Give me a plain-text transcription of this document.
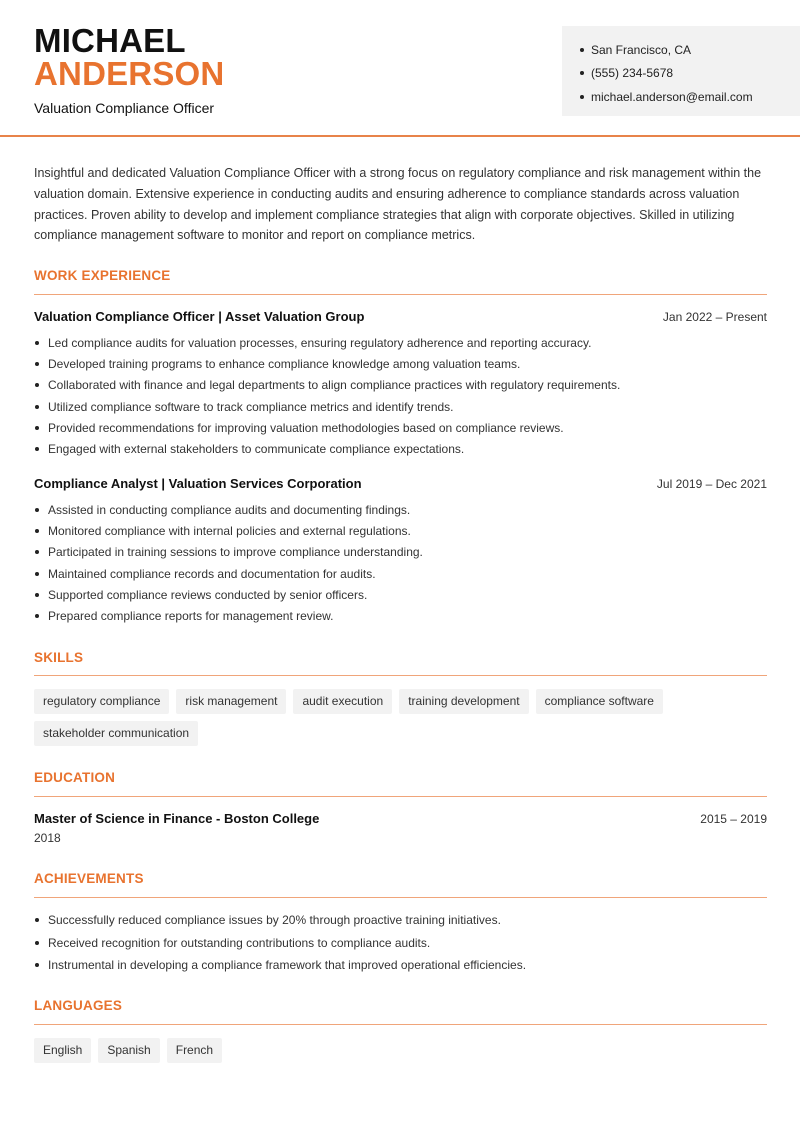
MICHAEL
ANDERSON
Valuation Compliance Officer
San Francisco, CA
(555) 234-5678
michael.anderson@email.com

Insightful and dedicated Valuation Compliance Officer with a strong focus on regulatory compliance and risk management within the valuation domain. Extensive experience in conducting audits and ensuring adherence to compliance standards across valuation practices. Proven ability to develop and implement compliance strategies that align with corporate objectives. Skilled in utilizing compliance management software to monitor and report on compliance metrics.

WORK EXPERIENCE
Valuation Compliance Officer | Asset Valuation Group	Jan 2022 – Present
Led compliance audits for valuation processes, ensuring regulatory adherence and reporting accuracy.
Developed training programs to enhance compliance knowledge among valuation teams.
Collaborated with finance and legal departments to align compliance practices with regulatory requirements.
Utilized compliance software to track compliance metrics and identify trends.
Provided recommendations for improving valuation methodologies based on compliance reviews.
Engaged with external stakeholders to communicate compliance expectations.
Compliance Analyst | Valuation Services Corporation	Jul 2019 – Dec 2021
Assisted in conducting compliance audits and documenting findings.
Monitored compliance with internal policies and external regulations.
Participated in training sessions to improve compliance understanding.
Maintained compliance records and documentation for audits.
Supported compliance reviews conducted by senior officers.
Prepared compliance reports for management review.
SKILLS
regulatory compliance	risk management	audit execution	training development	compliance software
stakeholder communication
EDUCATION
Master of Science in Finance - Boston College	2015 – 2019
2018
ACHIEVEMENTS
Successfully reduced compliance issues by 20% through proactive training initiatives.
Received recognition for outstanding contributions to compliance audits.
Instrumental in developing a compliance framework that improved operational efficiencies.
LANGUAGES
English	Spanish	French
